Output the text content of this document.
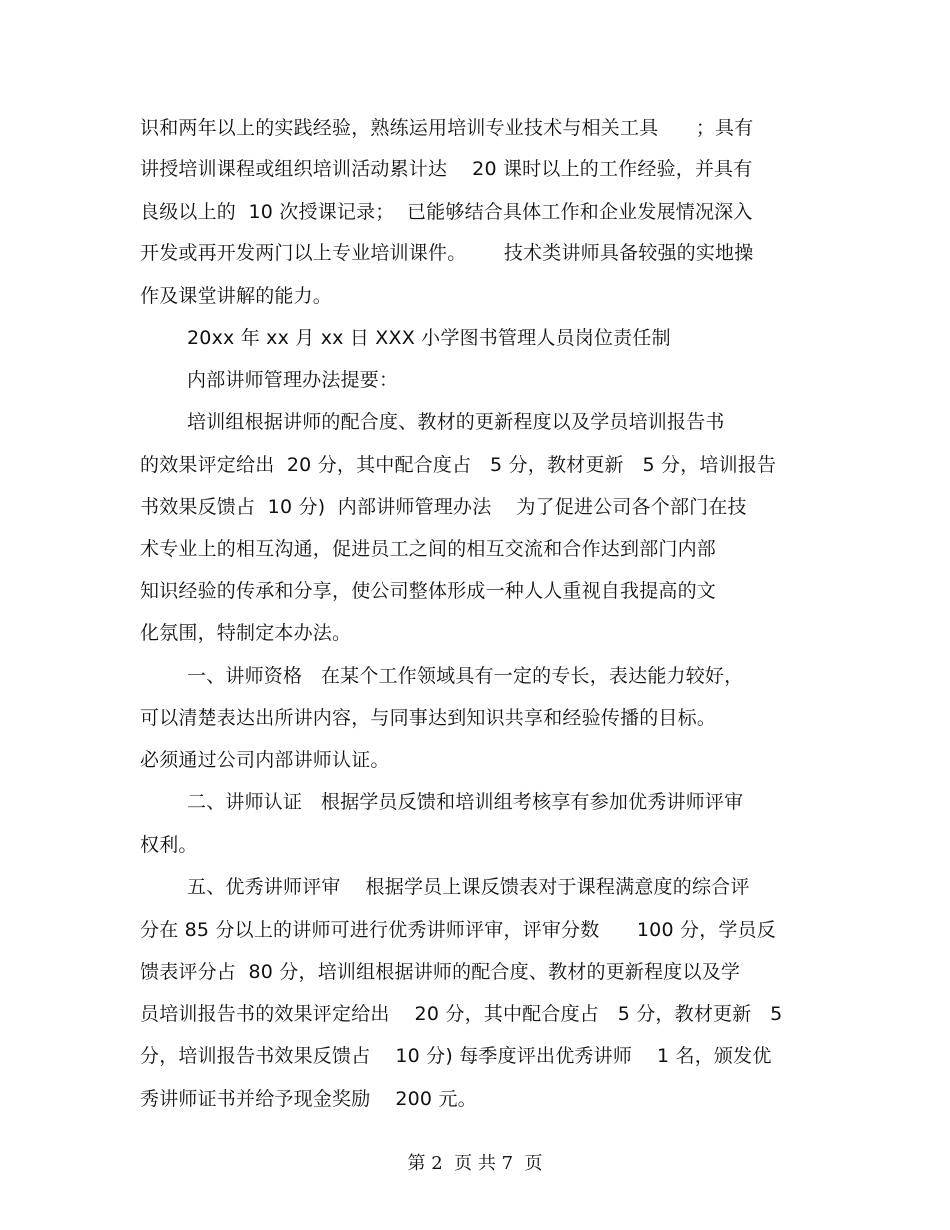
识和两年以上的实践经验，熟练运用培训专业技术与相关工具      ；具有
讲授培训课程或组织培训活动累计达    20 课时以上的工作经验，并具有
良级以上的  10 次授课记录；  已能够结合具体工作和企业发展情况深入
开发或再开发两门以上专业培训课件。      技术类讲师具备较强的实地操
作及课堂讲解的能力。
20xx 年 xx 月 xx 日 XXX 小学图书管理人员岗位责任制
内部讲师管理办法提要：
培训组根据讲师的配合度、教材的更新程度以及学员培训报告书
的效果评定给出  20 分，其中配合度占   5 分，教材更新   5 分，培训报告
书效果反馈占  10 分)  内部讲师管理办法    为了促进公司各个部门在技
术专业上的相互沟通，促进员工之间的相互交流和合作达到部门内部
知识经验的传承和分享，使公司整体形成一种人人重视自我提高的文
化氛围，特制定本办法。
一、讲师资格   在某个工作领域具有一定的专长，表达能力较好，
可以清楚表达出所讲内容，与同事达到知识共享和经验传播的目标。
必须通过公司内部讲师认证。
二、讲师认证   根据学员反馈和培训组考核享有参加优秀讲师评审
权利。
五、优秀讲师评审    根据学员上课反馈表对于课程满意度的综合评
分在 85 分以上的讲师可进行优秀讲师评审，评审分数      100 分，学员反
馈表评分占  80 分，培训组根据讲师的配合度、教材的更新程度以及学
员培训报告书的效果评定给出    20 分，其中配合度占   5 分，教材更新   5
分，培训报告书效果反馈占    10 分) 每季度评出优秀讲师    1 名，颁发优
秀讲师证书并给予现金奖励    200 元。
第 2  页 共 7  页
